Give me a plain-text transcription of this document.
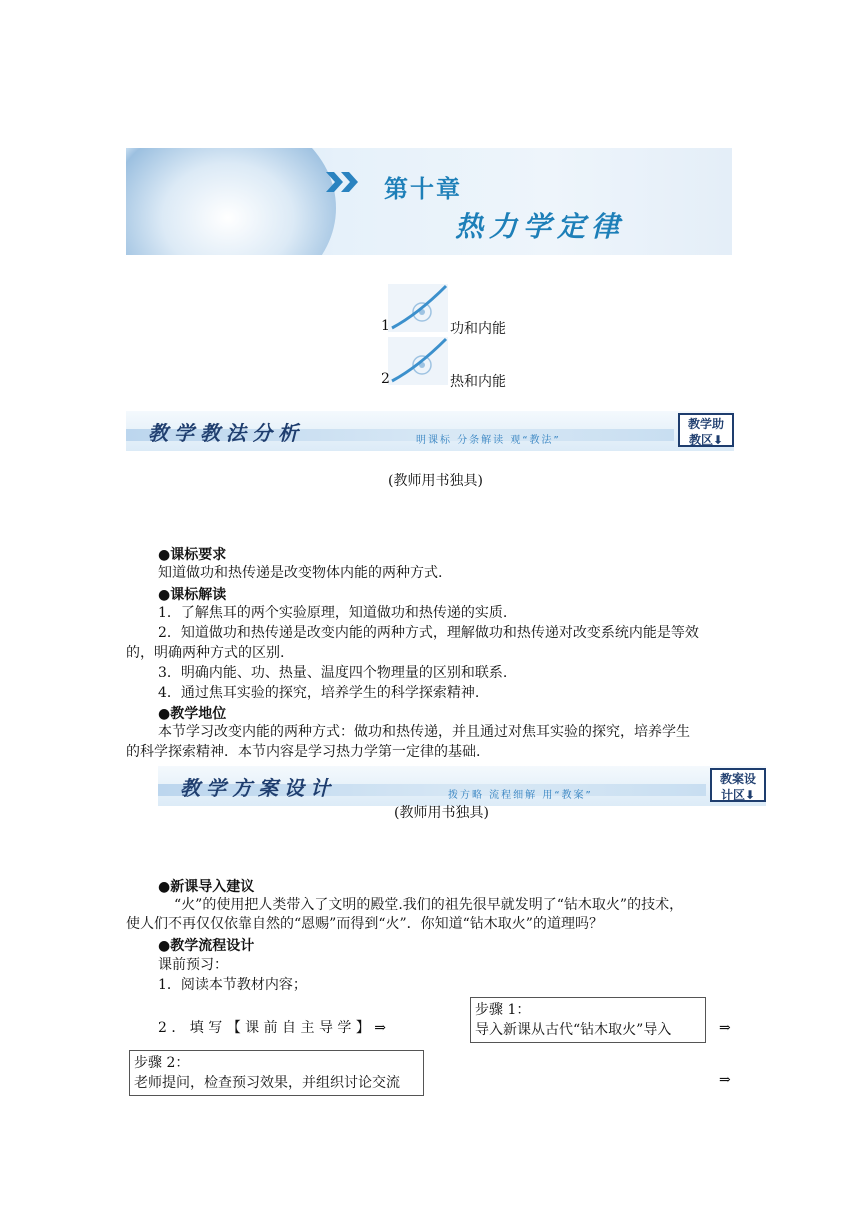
第十章
热力学定律
1	功和内能
2	热和内能
教学教法分析	明课标 分条解读 观“教法”
教学助
教区⬇
(教师用书独具)
●课标要求
知道做功和热传递是改变物体内能的两种方式.
●课标解读
1．了解焦耳的两个实验原理，知道做功和热传递的实质.
2．知道做功和热传递是改变内能的两种方式，理解做功和热传递对改变系统内能是等效
的，明确两种方式的区别.
3．明确内能、功、热量、温度四个物理量的区别和联系.
4．通过焦耳实验的探究，培养学生的科学探索精神.
●教学地位
本节学习改变内能的两种方式：做功和热传递，并且通过对焦耳实验的探究，培养学生
的科学探索精神．本节内容是学习热力学第一定律的基础.
教学方案设计	拨方略 流程细解 用“教案”
教案设
计区⬇
(教师用书独具)
●新课导入建议
“火”的使用把人类带入了文明的殿堂.我们的祖先很早就发明了“钻木取火”的技术，
使人们不再仅仅依靠自然的“恩赐”而得到“火”．你知道“钻木取火”的道理吗？
●教学流程设计
课前预习：
1．阅读本节教材内容；
2 ． 填 写 【 课 前 自 主 导 学 】 ⇒
步骤 1：
导入新课从古代“钻木取火”导入	⇒
步骤 2：
老师提问，检查预习效果，并组织讨论交流	⇒
